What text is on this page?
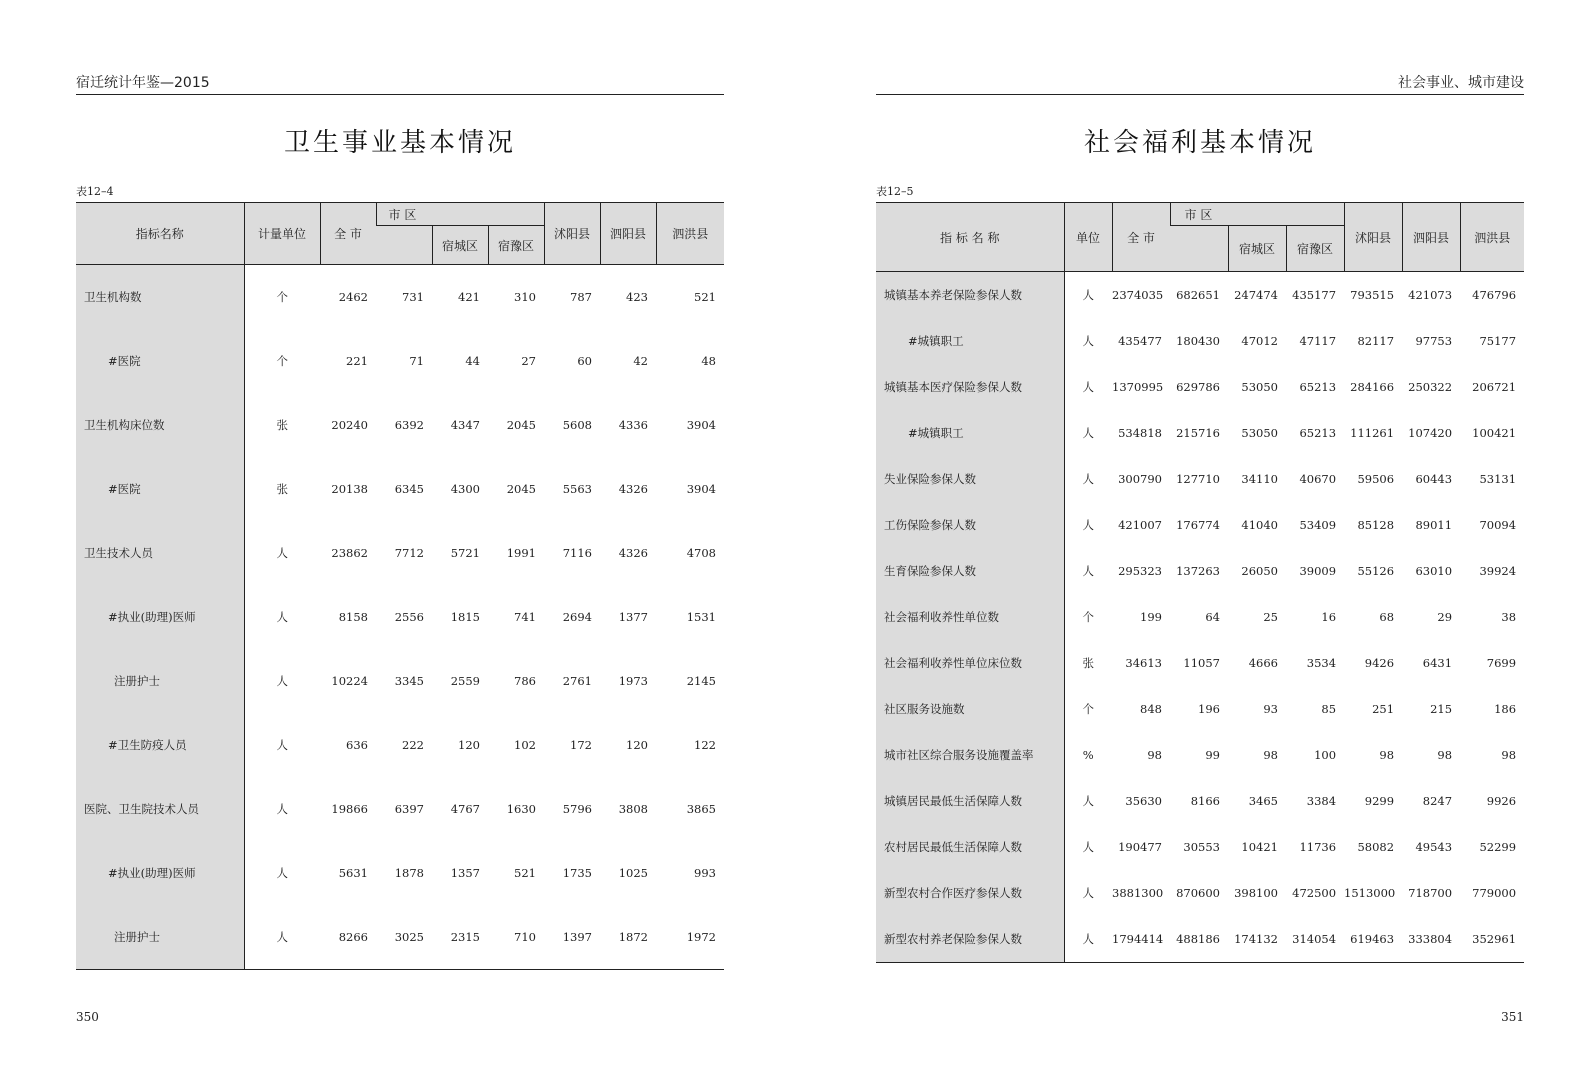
宿迁统计年鉴—2015
卫生事业基本情况
表12–4
指标名称	计量单位	全 市	市 区			沭阳县	泗阳县	泗洪县
				宿城区	宿豫区			
卫生机构数	个	2462	731	421	310	787	423	521
#医院	个	221	71	44	27	60	42	48
卫生机构床位数	张	20240	6392	4347	2045	5608	4336	3904
#医院	张	20138	6345	4300	2045	5563	4326	3904
卫生技术人员	人	23862	7712	5721	1991	7116	4326	4708
#执业(助理)医师	人	8158	2556	1815	741	2694	1377	1531
注册护士	人	10224	3345	2559	786	2761	1973	2145
#卫生防疫人员	人	636	222	120	102	172	120	122
医院、卫生院技术人员	人	19866	6397	4767	1630	5796	3808	3865
#执业(助理)医师	人	5631	1878	1357	521	1735	1025	993
注册护士	人	8266	3025	2315	710	1397	1872	1972
350
社会事业、城市建设
社会福利基本情况
表12–5
指 标 名 称	单位	全 市	市 区			沭阳县	泗阳县	泗洪县
				宿城区	宿豫区			
城镇基本养老保险参保人数	人	2374035	682651	247474	435177	793515	421073	476796
#城镇职工	人	435477	180430	47012	47117	82117	97753	75177
城镇基本医疗保险参保人数	人	1370995	629786	53050	65213	284166	250322	206721
#城镇职工	人	534818	215716	53050	65213	111261	107420	100421
失业保险参保人数	人	300790	127710	34110	40670	59506	60443	53131
工伤保险参保人数	人	421007	176774	41040	53409	85128	89011	70094
生育保险参保人数	人	295323	137263	26050	39009	55126	63010	39924
社会福利收养性单位数	个	199	64	25	16	68	29	38
社会福利收养性单位床位数	张	34613	11057	4666	3534	9426	6431	7699
社区服务设施数	个	848	196	93	85	251	215	186
城市社区综合服务设施覆盖率	%	98	99	98	100	98	98	98
城镇居民最低生活保障人数	人	35630	8166	3465	3384	9299	8247	9926
农村居民最低生活保障人数	人	190477	30553	10421	11736	58082	49543	52299
新型农村合作医疗参保人数	人	3881300	870600	398100	472500	1513000	718700	779000
新型农村养老保险参保人数	人	1794414	488186	174132	314054	619463	333804	352961
351
